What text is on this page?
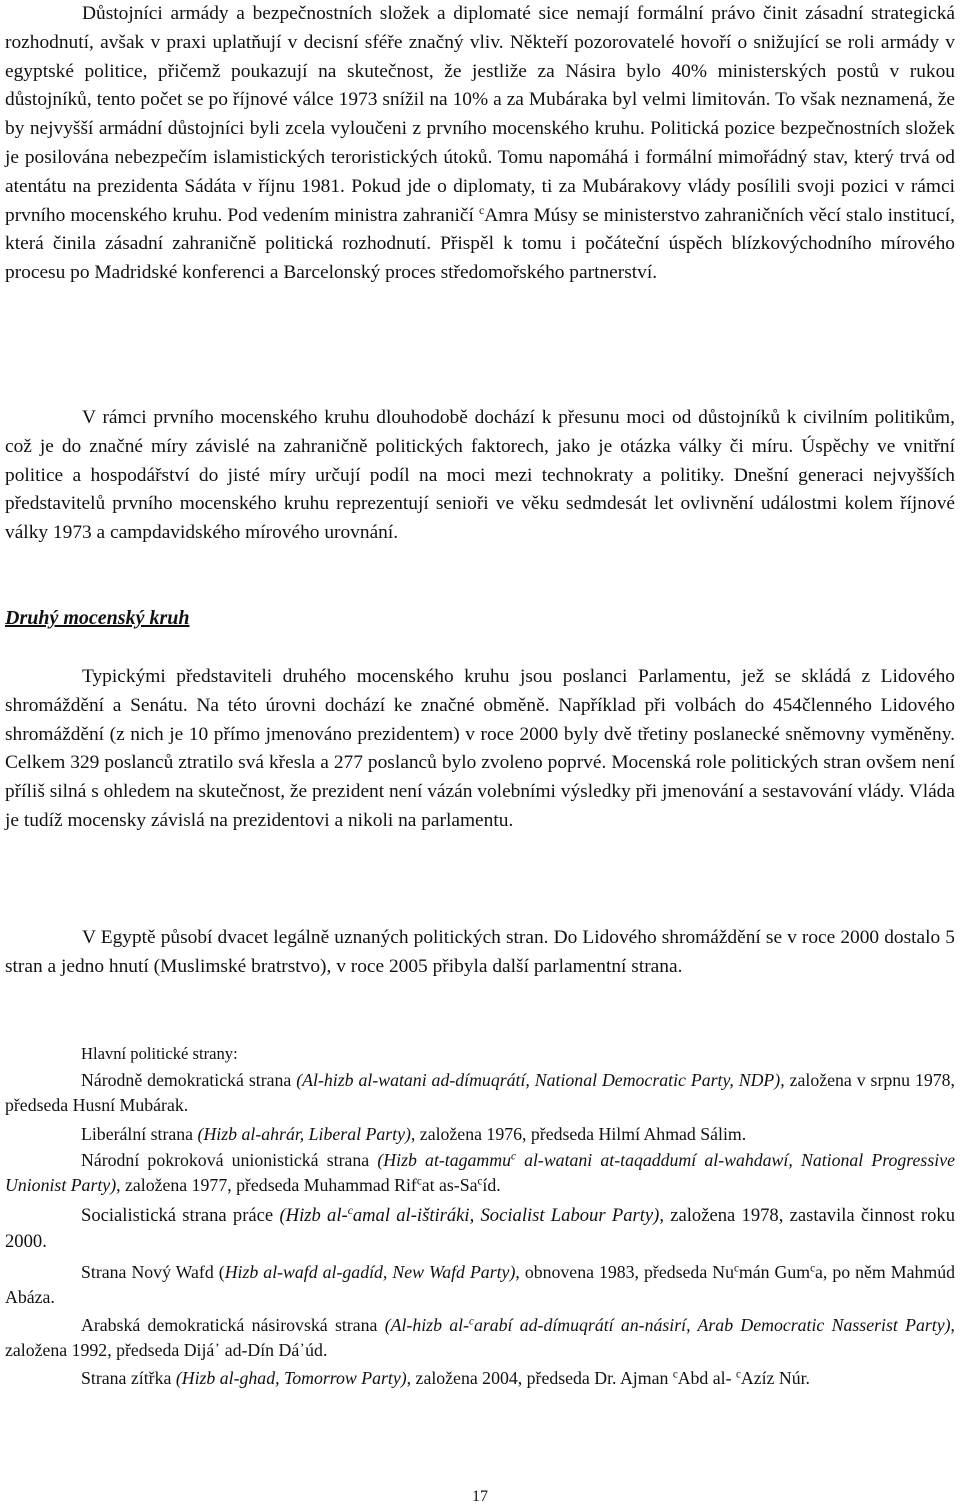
Důstojníci armády a bezpečnostních složek a diplomaté sice nemají formální právo činit zásadní strategická rozhodnutí, avšak v praxi uplatňují v decisní sféře značný vliv. Někteří pozorovatelé hovoří o snižující se roli armády v egyptské politice, přičemž poukazují na skutečnost, že jestliže za Násira bylo 40% ministerských postů v rukou důstojníků, tento počet se po říjnové válce 1973 snížil na 10% a za Mubáraka byl velmi limitován. To však neznamená, že by nejvyšší armádní důstojníci byli zcela vyloučeni z prvního mocenského kruhu. Politická pozice bezpečnostních složek je posilována nebezpečím islamistických teroristických útoků. Tomu napomáhá i formální mimořádný stav, který trvá od atentátu na prezidenta Sádáta v říjnu 1981. Pokud jde o diplomaty, ti za Mubárakovy vlády posílili svoji pozici v rámci prvního mocenského kruhu. Pod vedením ministra zahraničí $^c$Amra Músy se ministerstvo zahraničních věcí stalo institucí, která činila zásadní zahraničně politická rozhodnutí. Přispěl k tomu i počáteční úspěch blízkovýchodního mírového procesu po Madridské konferenci a Barcelonský proces středomořského partnerství.

V rámci prvního mocenského kruhu dlouhodobě dochází k přesunu moci od důstojníků k civilním politikům, což je do značné míry závislé na zahraničně politických faktorech, jako je otázka války či míru. Úspěchy ve vnitřní politice a hospodářství do jisté míry určují podíl na moci mezi technokraty a politiky. Dnešní generaci nejvyšších představitelů prvního mocenského kruhu reprezentují senioři ve věku sedmdesát let ovlivnění událostmi kolem říjnové války 1973 a campdavidského mírového urovnání.

Druhý mocenský kruh

Typickými představiteli druhého mocenského kruhu jsou poslanci Parlamentu, jež se skládá z Lidového shromáždění a Senátu. Na této úrovni dochází ke značné obměně. Například při volbách do 454členného Lidového shromáždění (z nich je 10 přímo jmenováno prezidentem) v roce 2000 byly dvě třetiny poslanecké sněmovny vyměněny. Celkem 329 poslanců ztratilo svá křesla a 277 poslanců bylo zvoleno poprvé. Mocenská role politických stran ovšem není příliš silná s ohledem na skutečnost, že prezident není vázán volebními výsledky při jmenování a sestavování vlády. Vláda je tudíž mocensky závislá na prezidentovi a nikoli na parlamentu.

V Egyptě působí dvacet legálně uznaných politických stran. Do Lidového shromáždění se v roce 2000 dostalo 5 stran a jedno hnutí (Muslimské bratrstvo), v roce 2005 přibyla další parlamentní strana.

Hlavní politické strany:

Národně demokratická strana (Al-hizb al-watani ad-dímuqrátí, National Democratic Party, NDP), založena v srpnu 1978, předseda Husní Mubárak.

Liberální strana (Hizb al-ahrár, Liberal Party), založena 1976, předseda Hilmí Ahmad Sálim.

Národní pokroková unionistická strana (Hizb at-tagammu$^c$ al-watani at-taqaddumí al-wahdawí, National Progressive Unionist Party), založena 1977, předseda Muhammad Rif$^c$at as-Sa$^c$íd.

Socialistická strana práce (Hizb al-$^c$amal al-ištiráki, Socialist Labour Party), založena 1978, zastavila činnost roku 2000.

Strana Nový Wafd (Hizb al-wafd al-gadíd, New Wafd Party), obnovena 1983, předseda Nu$^c$mán Gum$^c$a, po něm Mahmúd Abáza.

Arabská demokratická násirovská strana (Al-hizb al-$^c$arabí ad-dímuqrátí an-násirí, Arab Democratic Nasserist Party), založena 1992, předseda Dijá᾽ ad-Dín Dá᾽úd.

Strana zítřka (Hizb al-ghad, Tomorrow Party), založena 2004, předseda Dr. Ajman $^c$Abd al- $^c$Azíz Núr.

17
